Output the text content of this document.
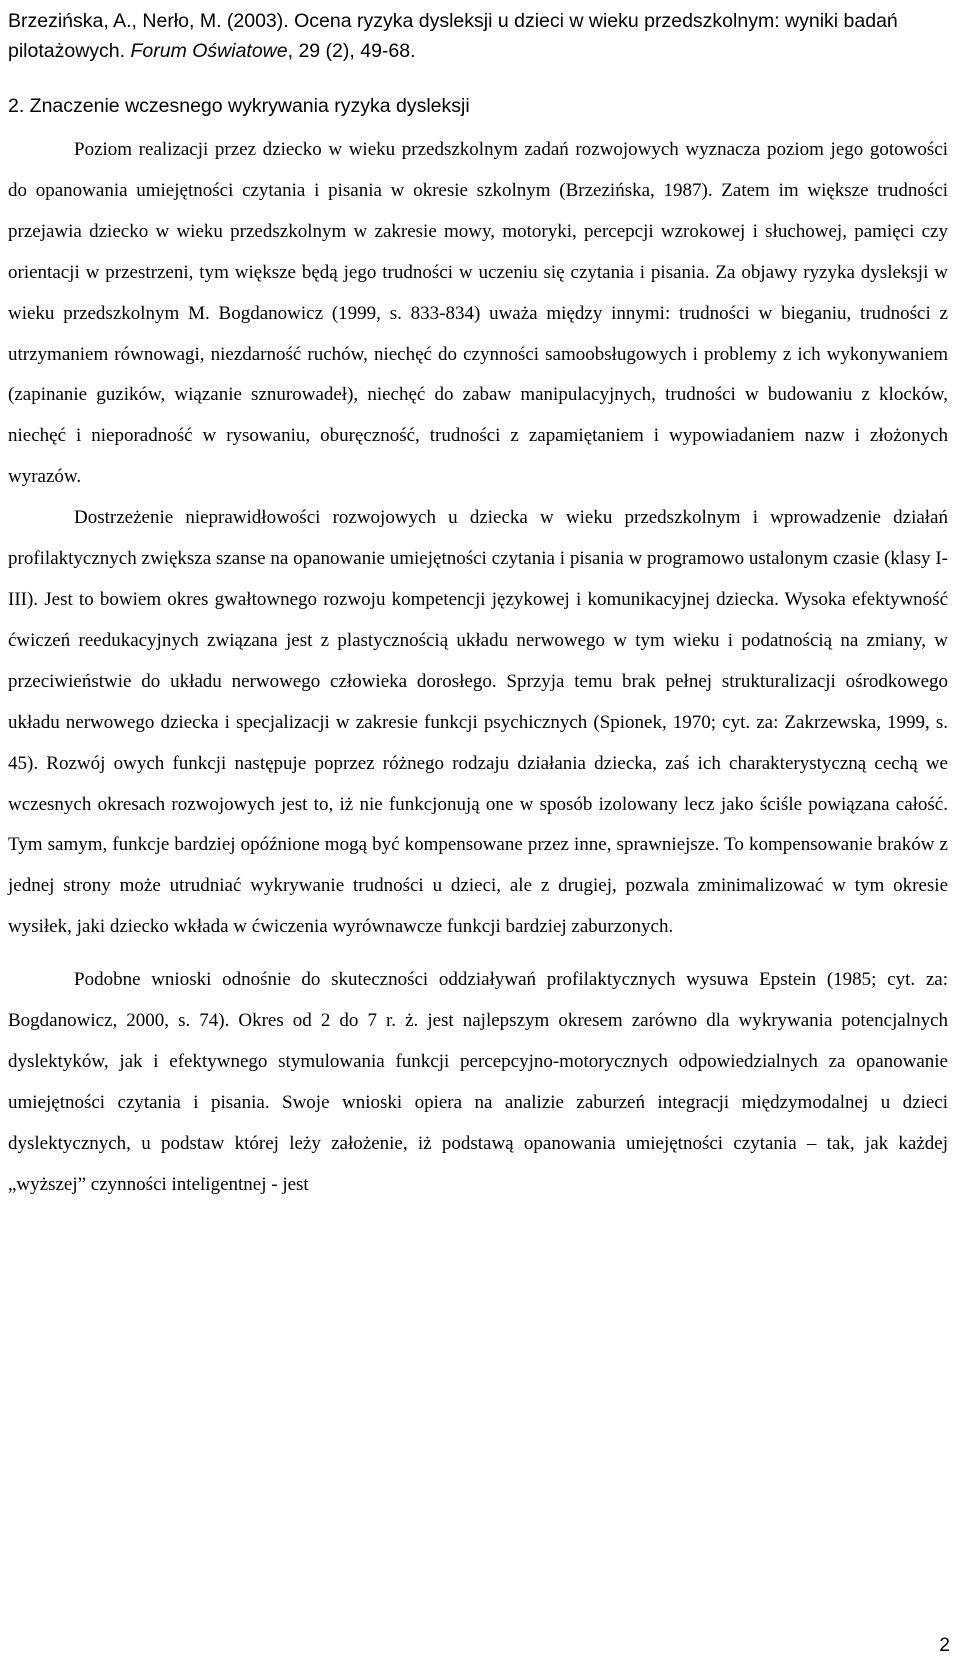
Brzezińska, A., Nerło, M. (2003). Ocena ryzyka dysleksji u dzieci w wieku przedszkolnym: wyniki badań pilotażowych. Forum Oświatowe, 29 (2), 49-68.

2. Znaczenie wczesnego wykrywania ryzyka dysleksji

Poziom realizacji przez dziecko w wieku przedszkolnym zadań rozwojowych wyznacza poziom jego gotowości do opanowania umiejętności czytania i pisania w okresie szkolnym (Brzezińska, 1987). Zatem im większe trudności przejawia dziecko w wieku przedszkolnym w zakresie mowy, motoryki, percepcji wzrokowej i słuchowej, pamięci czy orientacji w przestrzeni, tym większe będą jego trudności w uczeniu się czytania i pisania. Za objawy ryzyka dysleksji w wieku przedszkolnym M. Bogdanowicz (1999, s. 833-834) uważa między innymi: trudności w bieganiu, trudności z utrzymaniem równowagi, niezdarność ruchów, niechęć do czynności samoobsługowych i problemy z ich wykonywaniem (zapinanie guzików, wiązanie sznurowadeł), niechęć do zabaw manipulacyjnych, trudności w budowaniu z klocków, niechęć i nieporadność w rysowaniu, oburęczność, trudności z zapamiętaniem i wypowiadaniem nazw i złożonych wyrazów.

Dostrzeżenie nieprawidłowości rozwojowych u dziecka w wieku przedszkolnym i wprowadzenie działań profilaktycznych zwiększa szanse na opanowanie umiejętności czytania i pisania w programowo ustalonym czasie (klasy I-III). Jest to bowiem okres gwałtownego rozwoju kompetencji językowej i komunikacyjnej dziecka. Wysoka efektywność ćwiczeń reedukacyjnych związana jest z plastycznością układu nerwowego w tym wieku i podatnością na zmiany, w przeciwieństwie do układu nerwowego człowieka dorosłego. Sprzyja temu brak pełnej strukturalizacji ośrodkowego układu nerwowego dziecka i specjalizacji w zakresie funkcji psychicznych (Spionek, 1970; cyt. za: Zakrzewska, 1999, s. 45). Rozwój owych funkcji następuje poprzez różnego rodzaju działania dziecka, zaś ich charakterystyczną cechą we wczesnych okresach rozwojowych jest to, iż nie funkcjonują one w sposób izolowany lecz jako ściśle powiązana całość. Tym samym, funkcje bardziej opóźnione mogą być kompensowane przez inne, sprawniejsze. To kompensowanie braków z jednej strony może utrudniać wykrywanie trudności u dzieci, ale z drugiej, pozwala zminimalizować w tym okresie wysiłek, jaki dziecko wkłada w ćwiczenia wyrównawcze funkcji bardziej zaburzonych.

Podobne wnioski odnośnie do skuteczności oddziaływań profilaktycznych wysuwa Epstein (1985; cyt. za: Bogdanowicz, 2000, s. 74). Okres od 2 do 7 r. ż. jest najlepszym okresem zarówno dla wykrywania potencjalnych dyslektyków, jak i efektywnego stymulowania funkcji percepcyjno-motorycznych odpowiedzialnych za opanowanie umiejętności czytania i pisania. Swoje wnioski opiera na analizie zaburzeń integracji międzymodalnej u dzieci dyslektycznych, u podstaw której leży założenie, iż podstawą opanowania umiejętności czytania – tak, jak każdej „wyższej” czynności inteligentnej - jest

2
